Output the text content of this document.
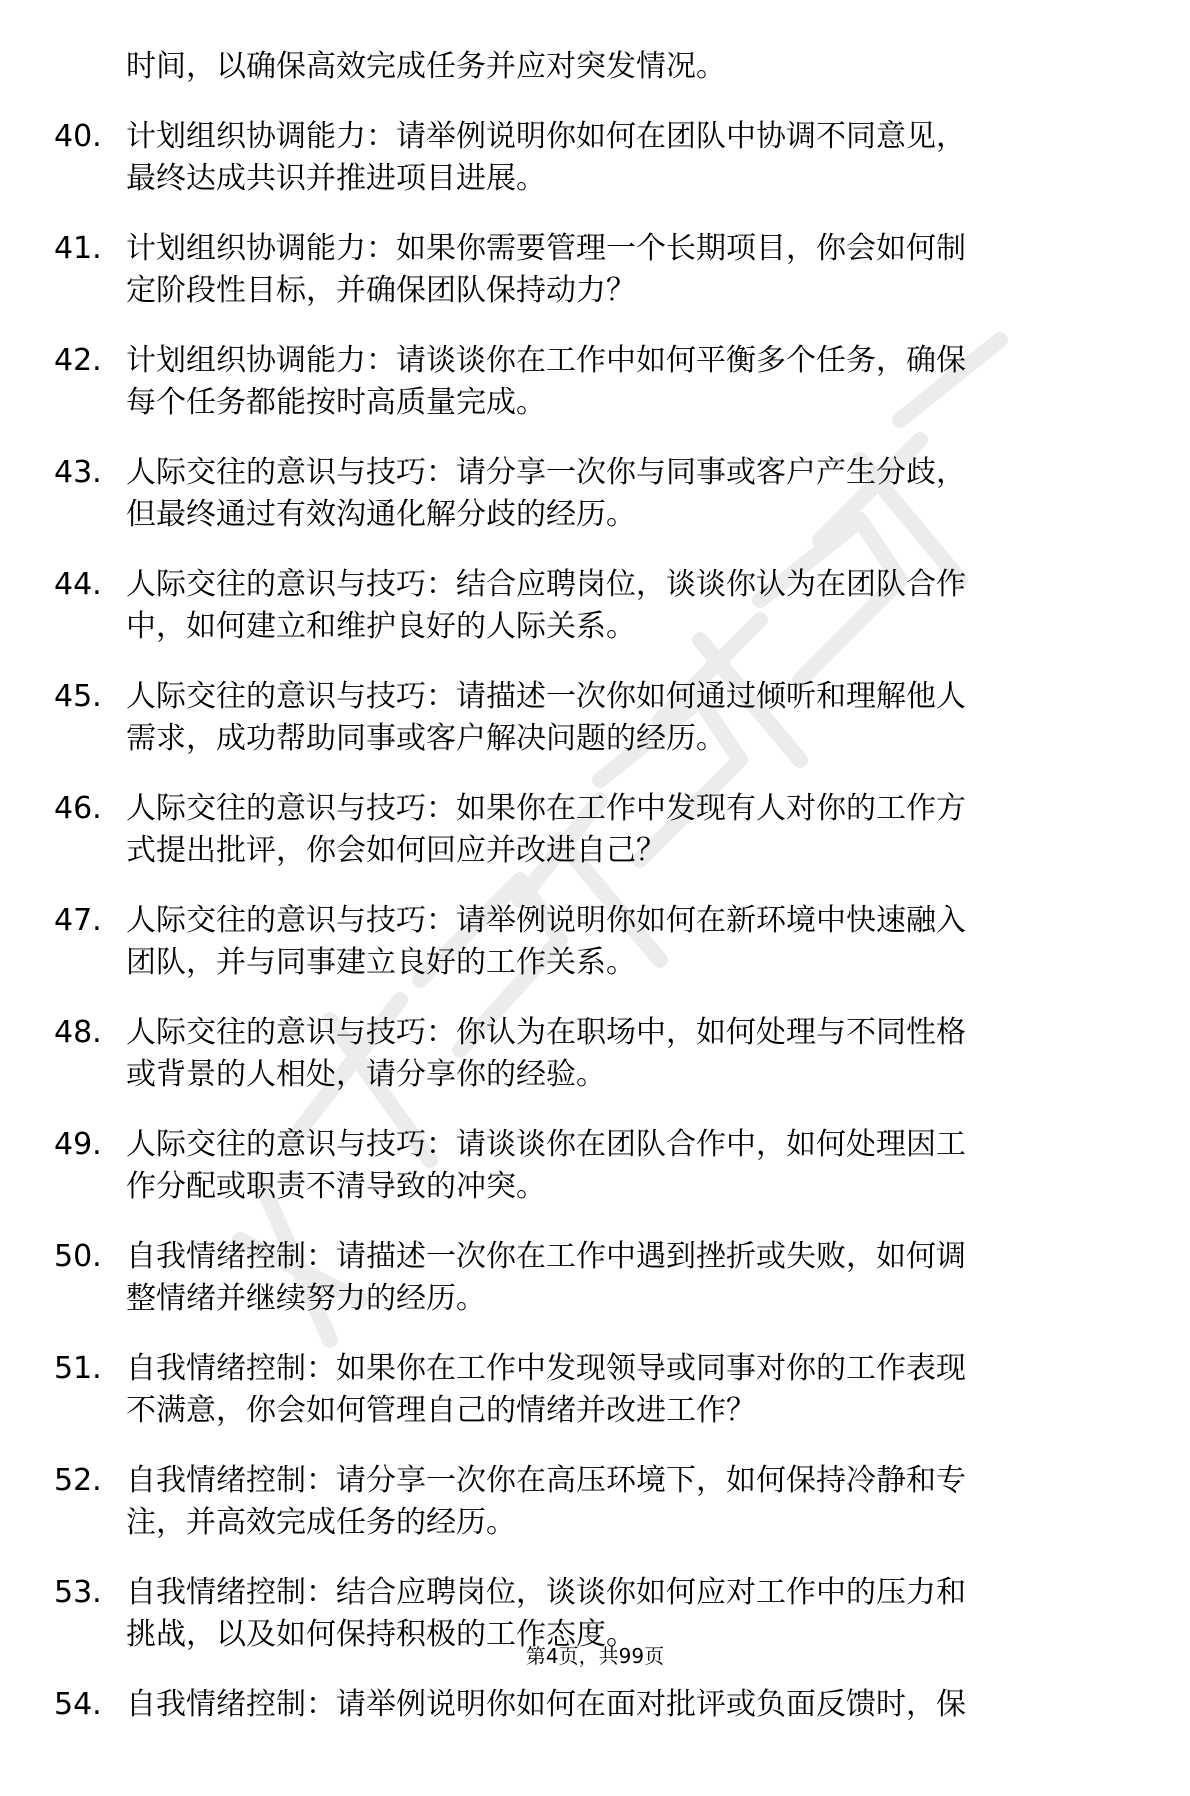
时间，以确保高效完成任务并应对突发情况。
40. 计划组织协调能力：请举例说明你如何在团队中协调不同意见，
最终达成共识并推进项目进展。
41. 计划组织协调能力：如果你需要管理一个长期项目，你会如何制
定阶段性目标，并确保团队保持动力？
42. 计划组织协调能力：请谈谈你在工作中如何平衡多个任务，确保
每个任务都能按时高质量完成。
43. 人际交往的意识与技巧：请分享一次你与同事或客户产生分歧，
但最终通过有效沟通化解分歧的经历。
44. 人际交往的意识与技巧：结合应聘岗位，谈谈你认为在团队合作
中，如何建立和维护良好的人际关系。
45. 人际交往的意识与技巧：请描述一次你如何通过倾听和理解他人
需求，成功帮助同事或客户解决问题的经历。
46. 人际交往的意识与技巧：如果你在工作中发现有人对你的工作方
式提出批评，你会如何回应并改进自己？
47. 人际交往的意识与技巧：请举例说明你如何在新环境中快速融入
团队，并与同事建立良好的工作关系。
48. 人际交往的意识与技巧：你认为在职场中，如何处理与不同性格
或背景的人相处，请分享你的经验。
49. 人际交往的意识与技巧：请谈谈你在团队合作中，如何处理因工
作分配或职责不清导致的冲突。
50. 自我情绪控制：请描述一次你在工作中遇到挫折或失败，如何调
整情绪并继续努力的经历。
51. 自我情绪控制：如果你在工作中发现领导或同事对你的工作表现
不满意，你会如何管理自己的情绪并改进工作？
52. 自我情绪控制：请分享一次你在高压环境下，如何保持冷静和专
注，并高效完成任务的经历。
53. 自我情绪控制：结合应聘岗位，谈谈你如何应对工作中的压力和
挑战，以及如何保持积极的工作态度。
54. 自我情绪控制：请举例说明你如何在面对批评或负面反馈时，保
第4页，共99页
